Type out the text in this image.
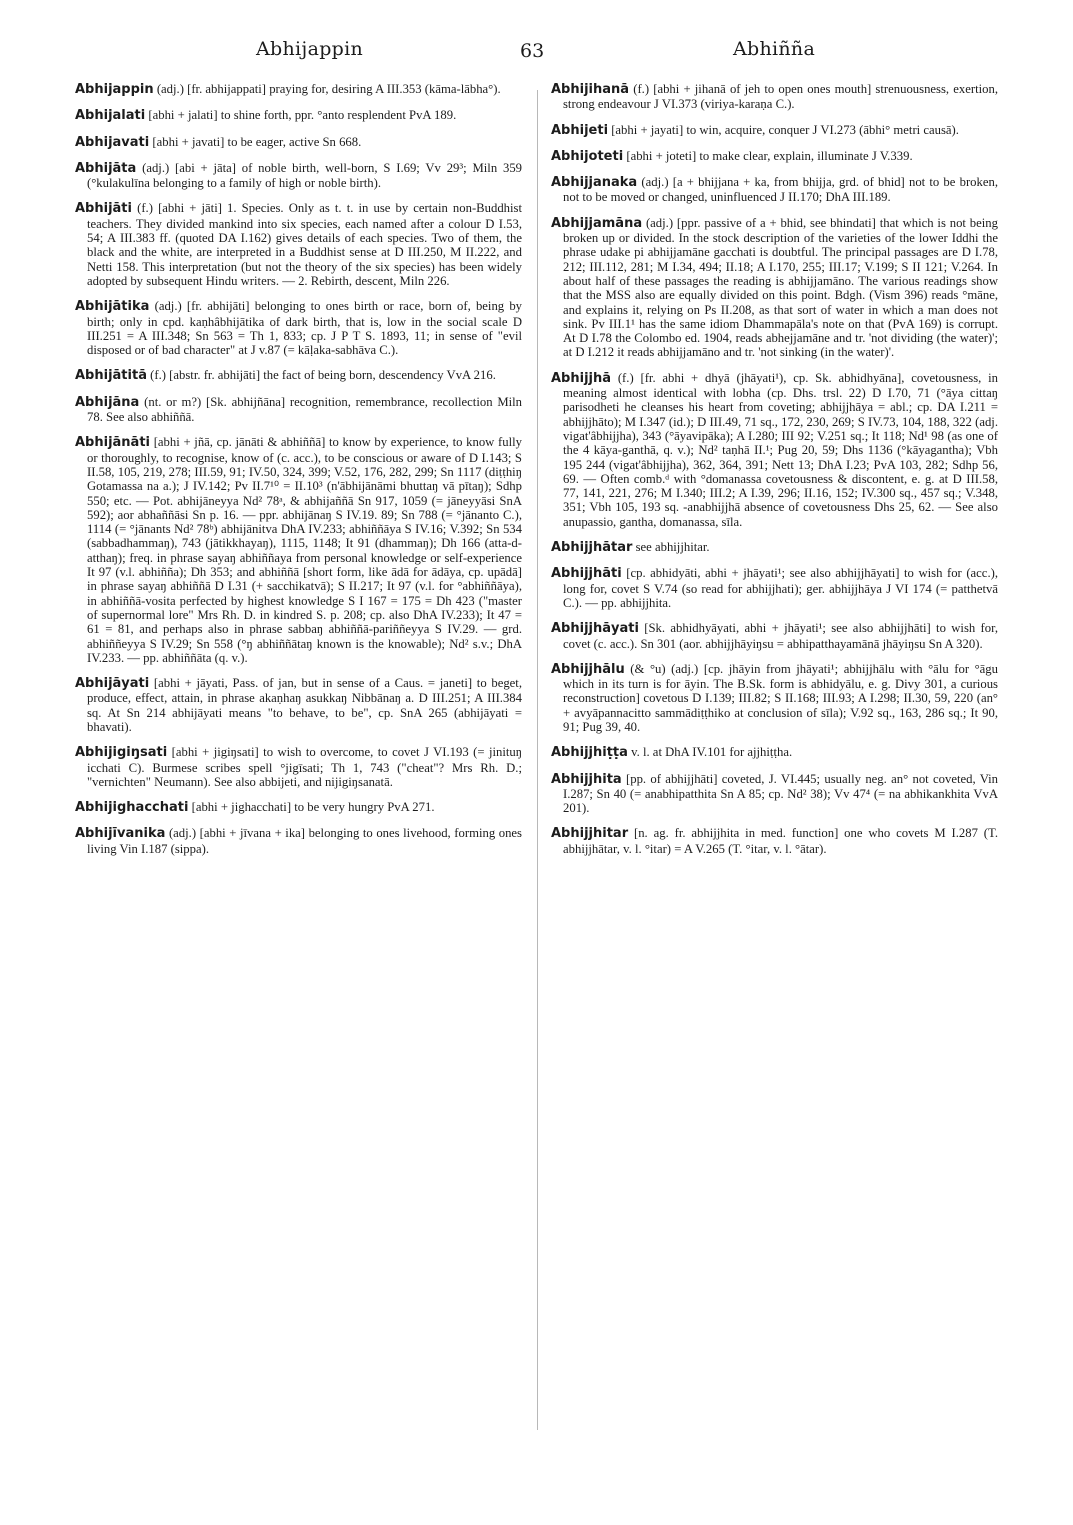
Abhijappin	63	Abhiñña

Abhijappin (adj.) [fr. abhijappati] praying for, desiring A III.353 (kāma-lābha°).

Abhijalati [abhi + jalati] to shine forth, ppr. °anto resplendent PvA 189.

Abhijavati [abhi + javati] to be eager, active Sn 668.

Abhijāta (adj.) [abi + jāta] of noble birth, well-born, S I.69; Vv 29³; Miln 359 (°kulakulīna belonging to a family of high or noble birth).

Abhijāti (f.) [abhi + jāti] 1. Species. Only as t. t. in use by certain non-Buddhist teachers. They divided mankind into six species, each named after a colour D I.53, 54; A III.383 ff. (quoted DA I.162) gives details of each species. Two of them, the black and the white, are interpreted in a Buddhist sense at D III.250, M II.222, and Netti 158. This interpretation (but not the theory of the six species) has been widely adopted by subsequent Hindu writers. — 2. Rebirth, descent, Miln 226.

Abhijātika (adj.) [fr. abhijāti] belonging to ones birth or race, born of, being by birth; only in cpd. kaṇhâbhijātika of dark birth, that is, low in the social scale D III.251 = A III.348; Sn 563 = Th 1, 833; cp. J P T S. 1893, 11; in sense of "evil disposed or of bad character" at J v.87 (= kāḷaka-sabhāva C.).

Abhijātitā (f.) [abstr. fr. abhijāti] the fact of being born, descendency VvA 216.

Abhijāna (nt. or m?) [Sk. abhijñāna] recognition, remembrance, recollection Miln 78. See also abhiññā.

Abhijānāti [abhi + jñā, cp. jānāti & abhiññā] to know by experience, to know fully or thoroughly, to recognise, know of (c. acc.), to be conscious or aware of D I.143; S II.58, 105, 219, 278; III.59, 91; IV.50, 324, 399; V.52, 176, 282, 299; Sn 1117 (diṭṭhiŋ Gotamassa na a.); J IV.142; Pv II.7¹⁰ = II.10³ (n'ābhijānāmi bhuttaŋ vā pītaŋ); Sdhp 550; etc. — Pot. abhijāneyya Nd² 78ᵃ, & abhijaññā Sn 917, 1059 (= jāneyyāsi SnA 592); aor abhaññāsi Sn p. 16. — ppr. abhijānaŋ S IV.19. 89; Sn 788 (= °jānanto C.), 1114 (= °jānants Nd² 78ᵇ) abhijānitva DhA IV.233; abhiññāya S IV.16; V.392; Sn 534 (sabbadhammaŋ), 743 (jātikkhayaŋ), 1115, 1148; It 91 (dhammaŋ); Dh 166 (atta-d-atthaŋ); freq. in phrase sayaŋ abhiññaya from personal knowledge or self-experience It 97 (v.l. abhiñña); Dh 353; and abhiññā [short form, like ādā for ādāya, cp. upādā] in phrase sayaŋ abhiññā D I.31 (+ sacchikatvā); S II.217; It 97 (v.l. for °abhiññāya), in abhiññā-vosita perfected by highest knowledge S I 167 = 175 = Dh 423 ("master of supernormal lore" Mrs Rh. D. in kindred S. p. 208; cp. also DhA IV.233); It 47 = 61 = 81, and perhaps also in phrase sabbaŋ abhiññā-pariññeyya S IV.29. — grd. abhiññeyya S IV.29; Sn 558 (°ŋ abhiññātaŋ known is the knowable); Nd² s.v.; DhA IV.233. — pp. abhiññāta (q. v.).

Abhijāyati [abhi + jāyati, Pass. of jan, but in sense of a Caus. = janeti] to beget, produce, effect, attain, in phrase akaṇhaŋ asukkaŋ Nibbānaŋ a. D III.251; A III.384 sq. At Sn 214 abhijāyati means "to behave, to be", cp. SnA 265 (abhijāyati = bhavati).

Abhijigiŋsati [abhi + jigiŋsati] to wish to overcome, to covet J VI.193 (= jinituŋ icchati C). Burmese scribes spell °jigīsati; Th 1, 743 ("cheat"? Mrs Rh. D.; "vernichten" Neumann). See also abbijeti, and nijigiŋsanatā.

Abhijighacchati [abhi + jighacchati] to be very hungry PvA 271.

Abhijīvanika (adj.) [abhi + jīvana + ika] belonging to ones livehood, forming ones living Vin I.187 (sippa).

Abhijihanā (f.) [abhi + jihanā of jeh to open ones mouth] strenuousness, exertion, strong endeavour J VI.373 (viriya-karaṇa C.).

Abhijeti [abhi + jayati] to win, acquire, conquer J VI.273 (ābhi° metri causā).

Abhijoteti [abhi + joteti] to make clear, explain, illuminate J V.339.

Abhijjanaka (adj.) [a + bhijjana + ka, from bhijja, grd. of bhid] not to be broken, not to be moved or changed, uninfluenced J II.170; DhA III.189.

Abhijjamāna (adj.) [ppr. passive of a + bhid, see bhindati] that which is not being broken up or divided. In the stock description of the varieties of the lower Iddhi the phrase udake pi abhijjamāne gacchati is doubtful. The principal passages are D I.78, 212; III.112, 281; M I.34, 494; II.18; A I.170, 255; III.17; V.199; S II 121; V.264. In about half of these passages the reading is abhijjamāno. The various readings show that the MSS also are equally divided on this point. Bdgh. (Vism 396) reads °māne, and explains it, relying on Ps II.208, as that sort of water in which a man does not sink. Pv III.1¹ has the same idiom Dhammapāla's note on that (PvA 169) is corrupt. At D I.78 the Colombo ed. 1904, reads abhejjamāne and tr. 'not dividing (the water)'; at D I.212 it reads abhijjamāno and tr. 'not sinking (in the water)'.

Abhijjhā (f.) [fr. abhi + dhyā (jhāyati¹), cp. Sk. abhidhyāna], covetousness, in meaning almost identical with lobha (cp. Dhs. trsl. 22) D I.70, 71 (°āya cittaŋ parisodheti he cleanses his heart from coveting; abhijjhāya = abl.; cp. DA I.211 = abhijjhāto); M I.347 (id.); D III.49, 71 sq., 172, 230, 269; S IV.73, 104, 188, 322 (adj. vigat'âbhijjha), 343 (°āyavipāka); A I.280; III 92; V.251 sq.; It 118; Nd¹ 98 (as one of the 4 kāya-ganthā, q. v.); Nd² taṇhā II.¹; Pug 20, 59; Dhs 1136 (°kāyagantha); Vbh 195 244 (vigat'âbhijjha), 362, 364, 391; Nett 13; DhA I.23; PvA 103, 282; Sdhp 56, 69. — Often comb.ᵈ with °domanassa covetousness & discontent, e. g. at D III.58, 77, 141, 221, 276; M I.340; III.2; A I.39, 296; II.16, 152; IV.300 sq., 457 sq.; V.348, 351; Vbh 105, 193 sq. -anabhijjhā absence of covetousness Dhs 25, 62. — See also anupassio, gantha, domanassa, sīla.

Abhijjhātar see abhijjhitar.

Abhijjhāti [cp. abhidyāti, abhi + jhāyati¹; see also abhijjhāyati] to wish for (acc.), long for, covet S V.74 (so read for abhijjhati); ger. abhijjhāya J VI 174 (= patthetvā C.). — pp. abhijjhita.

Abhijjhāyati [Sk. abhidhyāyati, abhi + jhāyati¹; see also abhijjhāti] to wish for, covet (c. acc.). Sn 301 (aor. abhijjhāyiŋsu = abhipatthayamānā jhāyiŋsu Sn A 320).

Abhijjhālu (& °u) (adj.) [cp. jhāyin from jhāyati¹; abhijjhālu with °ālu for °āgu which in its turn is for āyin. The B.Sk. form is abhidyālu, e. g. Divy 301, a curious reconstruction] covetous D I.139; III.82; S II.168; III.93; A I.298; II.30, 59, 220 (an° + avyāpannacitto sammādiṭṭhiko at conclusion of sīla); V.92 sq., 163, 286 sq.; It 90, 91; Pug 39, 40.

Abhijjhiṭṭa v. l. at DhA IV.101 for ajjhiṭṭha.

Abhijjhita [pp. of abhijjhāti] coveted, J. VI.445; usually neg. an° not coveted, Vin I.287; Sn 40 (= anabhipatthita Sn A 85; cp. Nd² 38); Vv 47⁴ (= na abhikankhita VvA 201).

Abhijjhitar [n. ag. fr. abhijjhita in med. function] one who covets M I.287 (T. abhijjhātar, v. l. °itar) = A V.265 (T. °itar, v. l. °ātar).
